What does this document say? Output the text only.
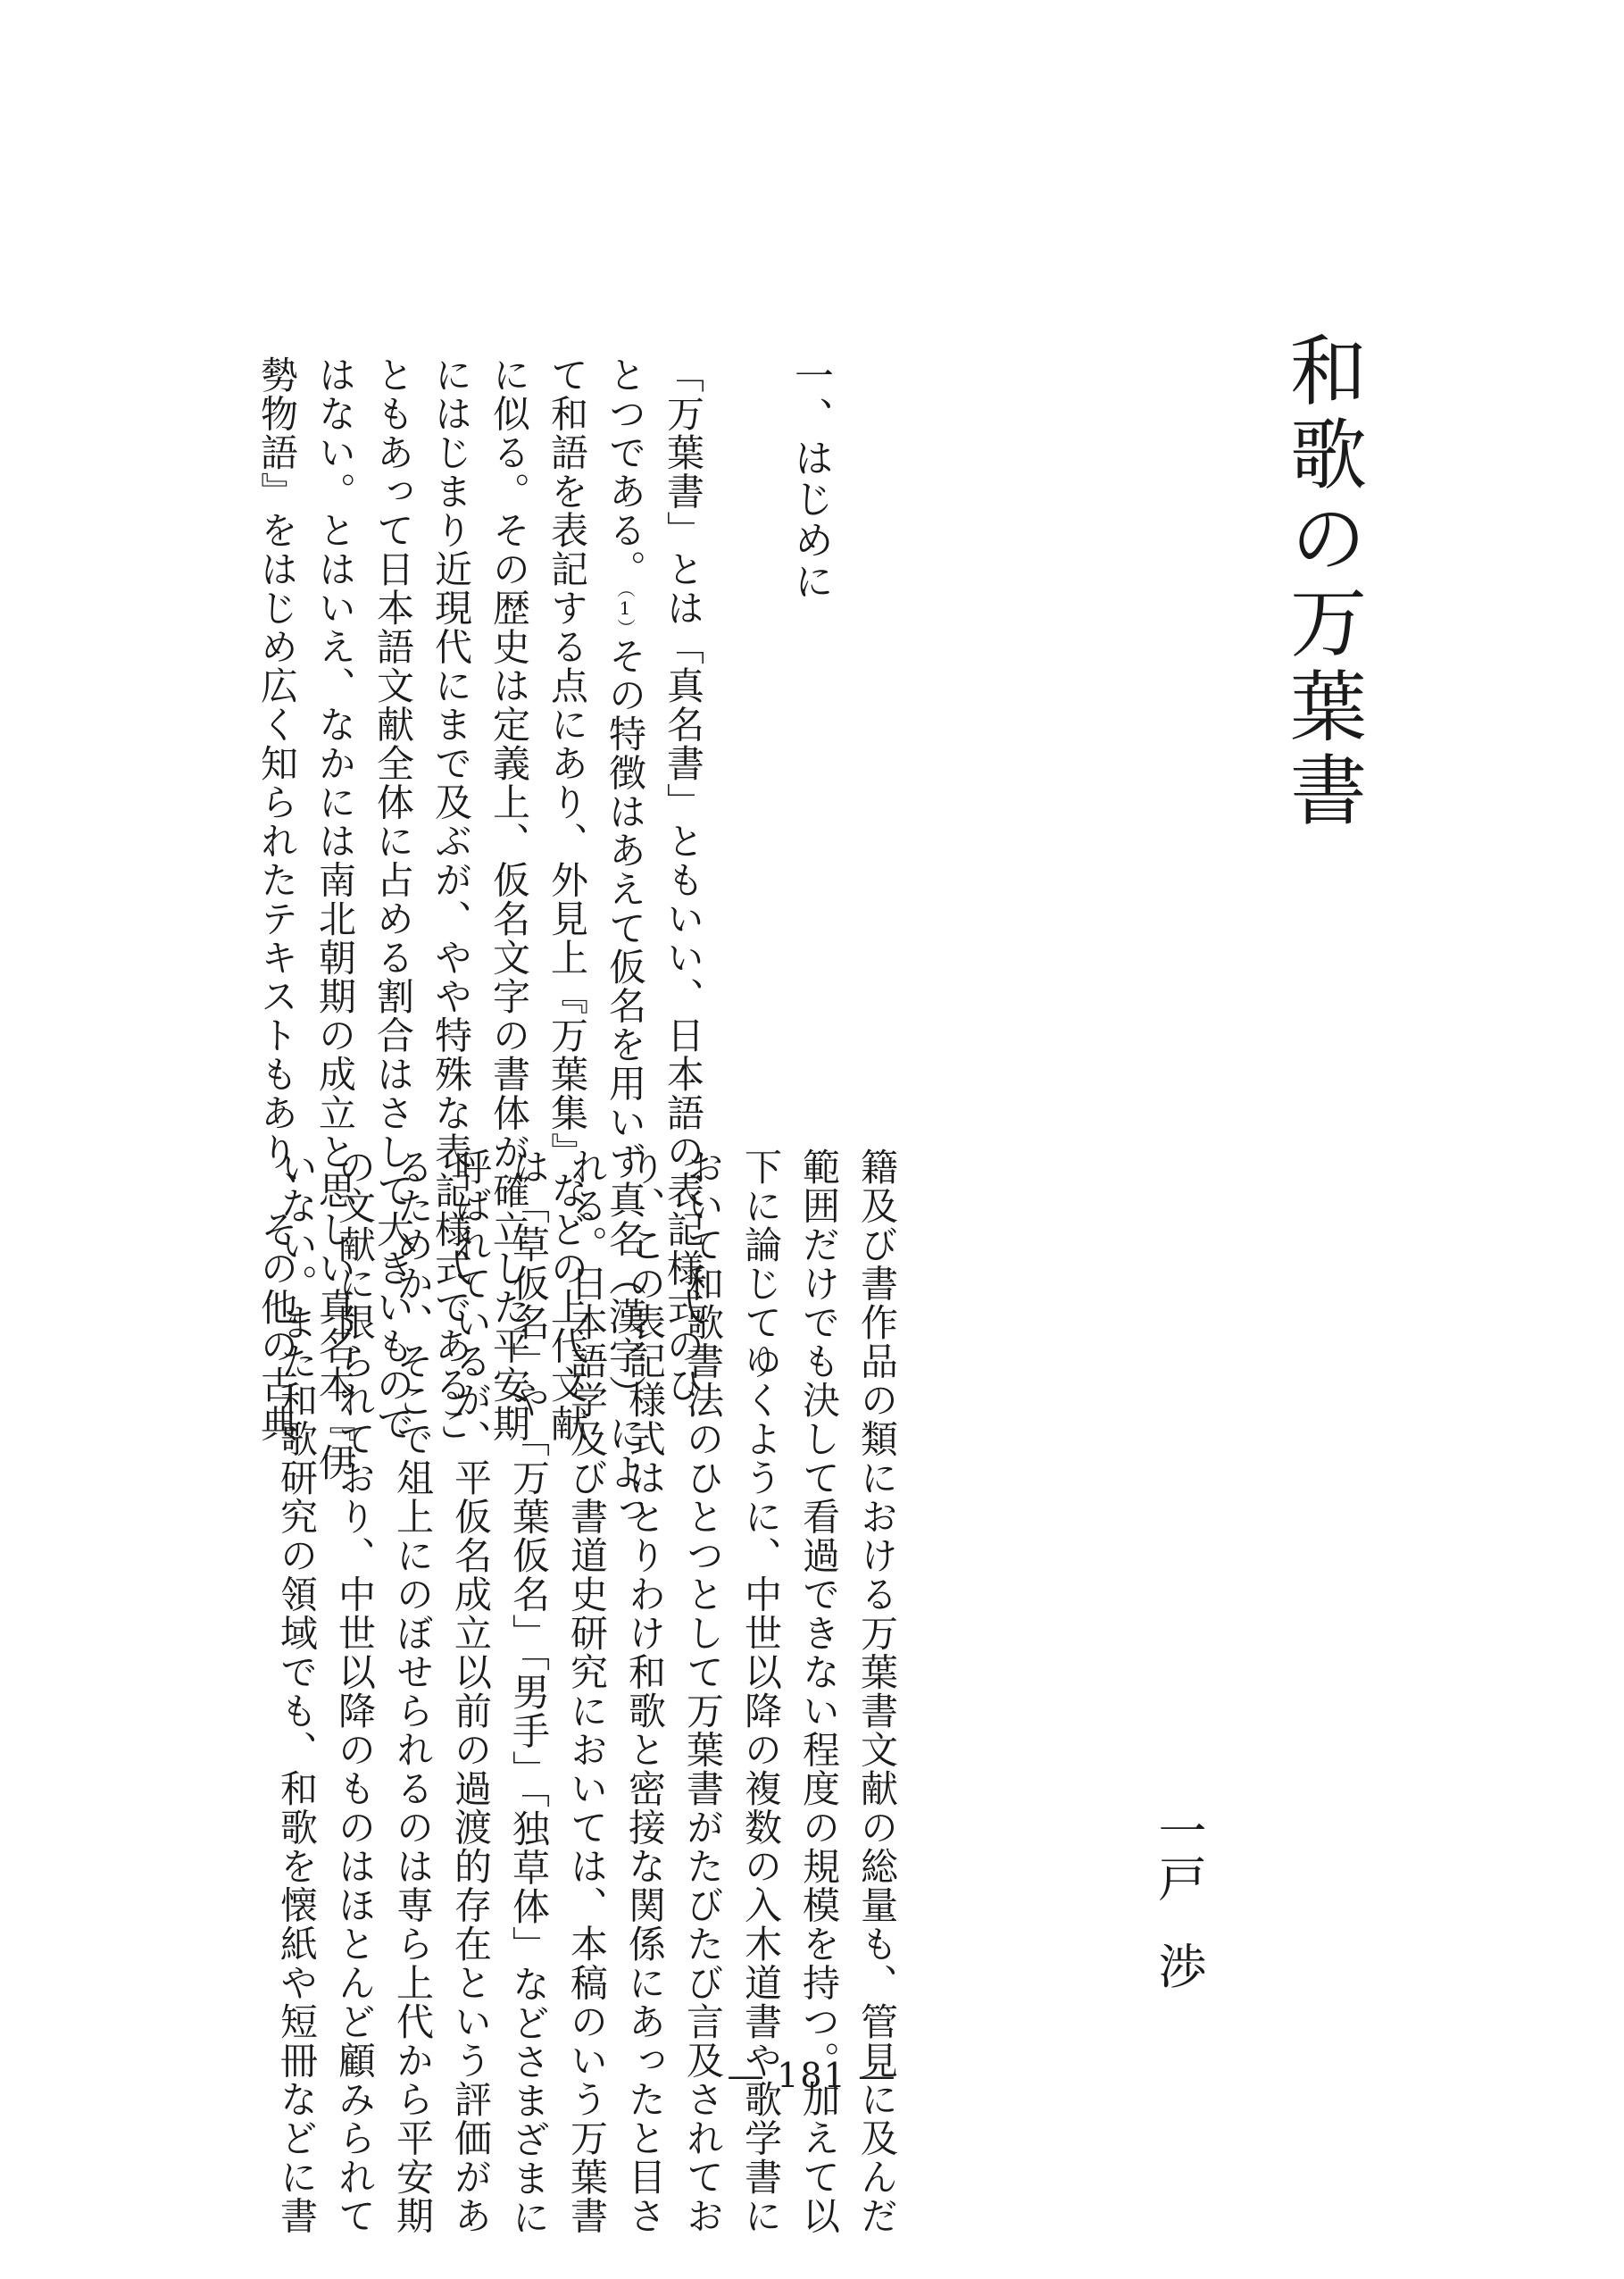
和歌の万葉書
一戸渉
一、はじめに
「万葉書」とは「真名書」ともいい、日本語の表記様式のひ
とつである。$^{(1)}$その特徴はあえて仮名を用いず真名（漢字）によっ
て和語を表記する点にあり、外見上『万葉集』などの上代文献
に似る。その歴史は定義上、仮名文字の書体が確立した平安期
にはじまり近現代にまで及ぶが、やや特殊な表記様式であるこ
ともあって日本語文献全体に占める割合はさして大きいもので
はない。とはいえ、なかには南北朝期の成立と思しい真名本『伊
勢物語』をはじめ広く知られたテキストもあり、その他の古典
籍及び書作品の類における万葉書文献の総量も、管見に及んだ
範囲だけでも決して看過できない程度の規模を持つ。加えて以
下に論じてゆくように、中世以降の複数の入木道書や歌学書に
おいて和歌書法のひとつとして万葉書がたびたび言及されてお
り、この表記様式はとりわけ和歌と密接な関係にあったと目さ
れる。日本語学及び書道史研究においては、本稿のいう万葉書
は「草仮名」や「万葉仮名」「男手」「独草体」などさまざまに
呼ばれているが、平仮名成立以前の過渡的存在という評価があ
るためか、そこで俎上にのぼせられるのは専ら上代から平安期
の文献に限られており、中世以降のものはほとんど顧みられて
いない。また和歌研究の領域でも、和歌を懐紙や短冊などに書	― 181 ―
